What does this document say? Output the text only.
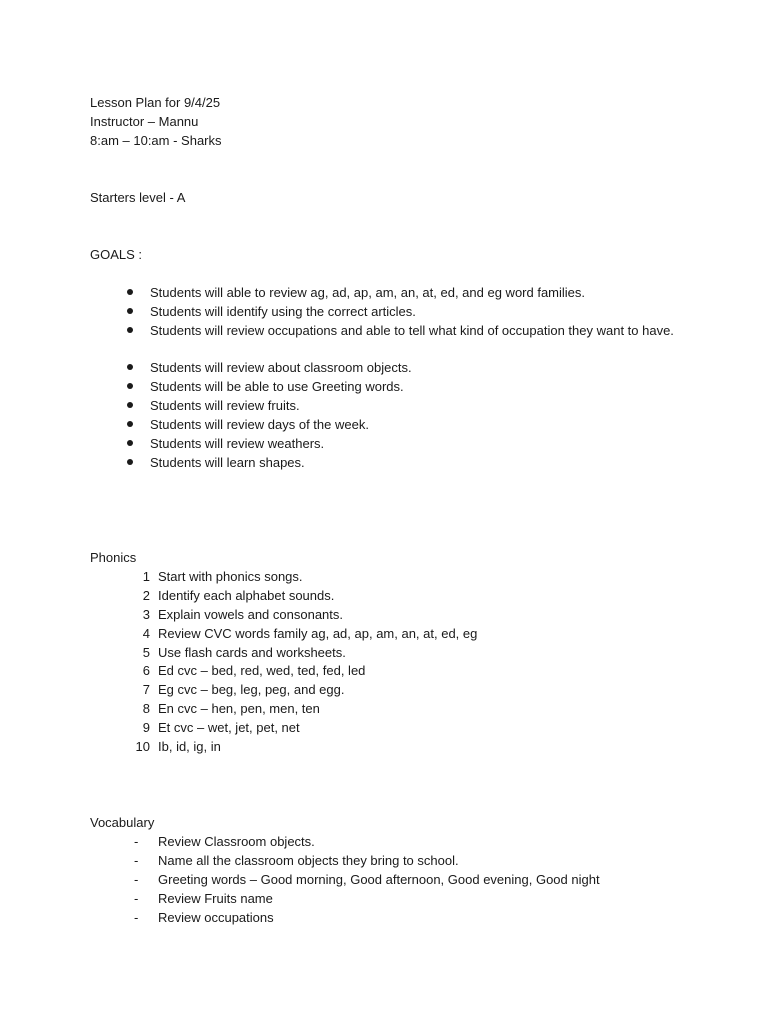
Lesson Plan for 9/4/25
Instructor – Mannu
8:am – 10:am - Sharks
Starters level - A
GOALS :
Students will able to review ag, ad, ap, am, an, at, ed, and eg word families.
Students will identify using the correct articles.
Students will review occupations and able to tell what kind of occupation they want to have.
Students will review about classroom objects.
Students will be able to use Greeting words.
Students will review fruits.
Students will review days of the week.
Students will review weathers.
Students will learn shapes.
Phonics
1 Start with phonics songs.
2 Identify each alphabet sounds.
3 Explain vowels and consonants.
4 Review CVC words family ag, ad, ap, am, an, at, ed, eg
5 Use flash cards and worksheets.
6 Ed cvc – bed, red, wed, ted, fed, led
7 Eg cvc – beg, leg, peg, and egg.
8 En cvc – hen, pen, men, ten
9 Et cvc – wet, jet, pet, net
10 Ib, id, ig, in
Vocabulary
-	Review Classroom objects.
-	Name all the classroom objects they bring to school.
-	Greeting words – Good morning, Good afternoon, Good evening, Good night
-	Review Fruits name
-	Review occupations
